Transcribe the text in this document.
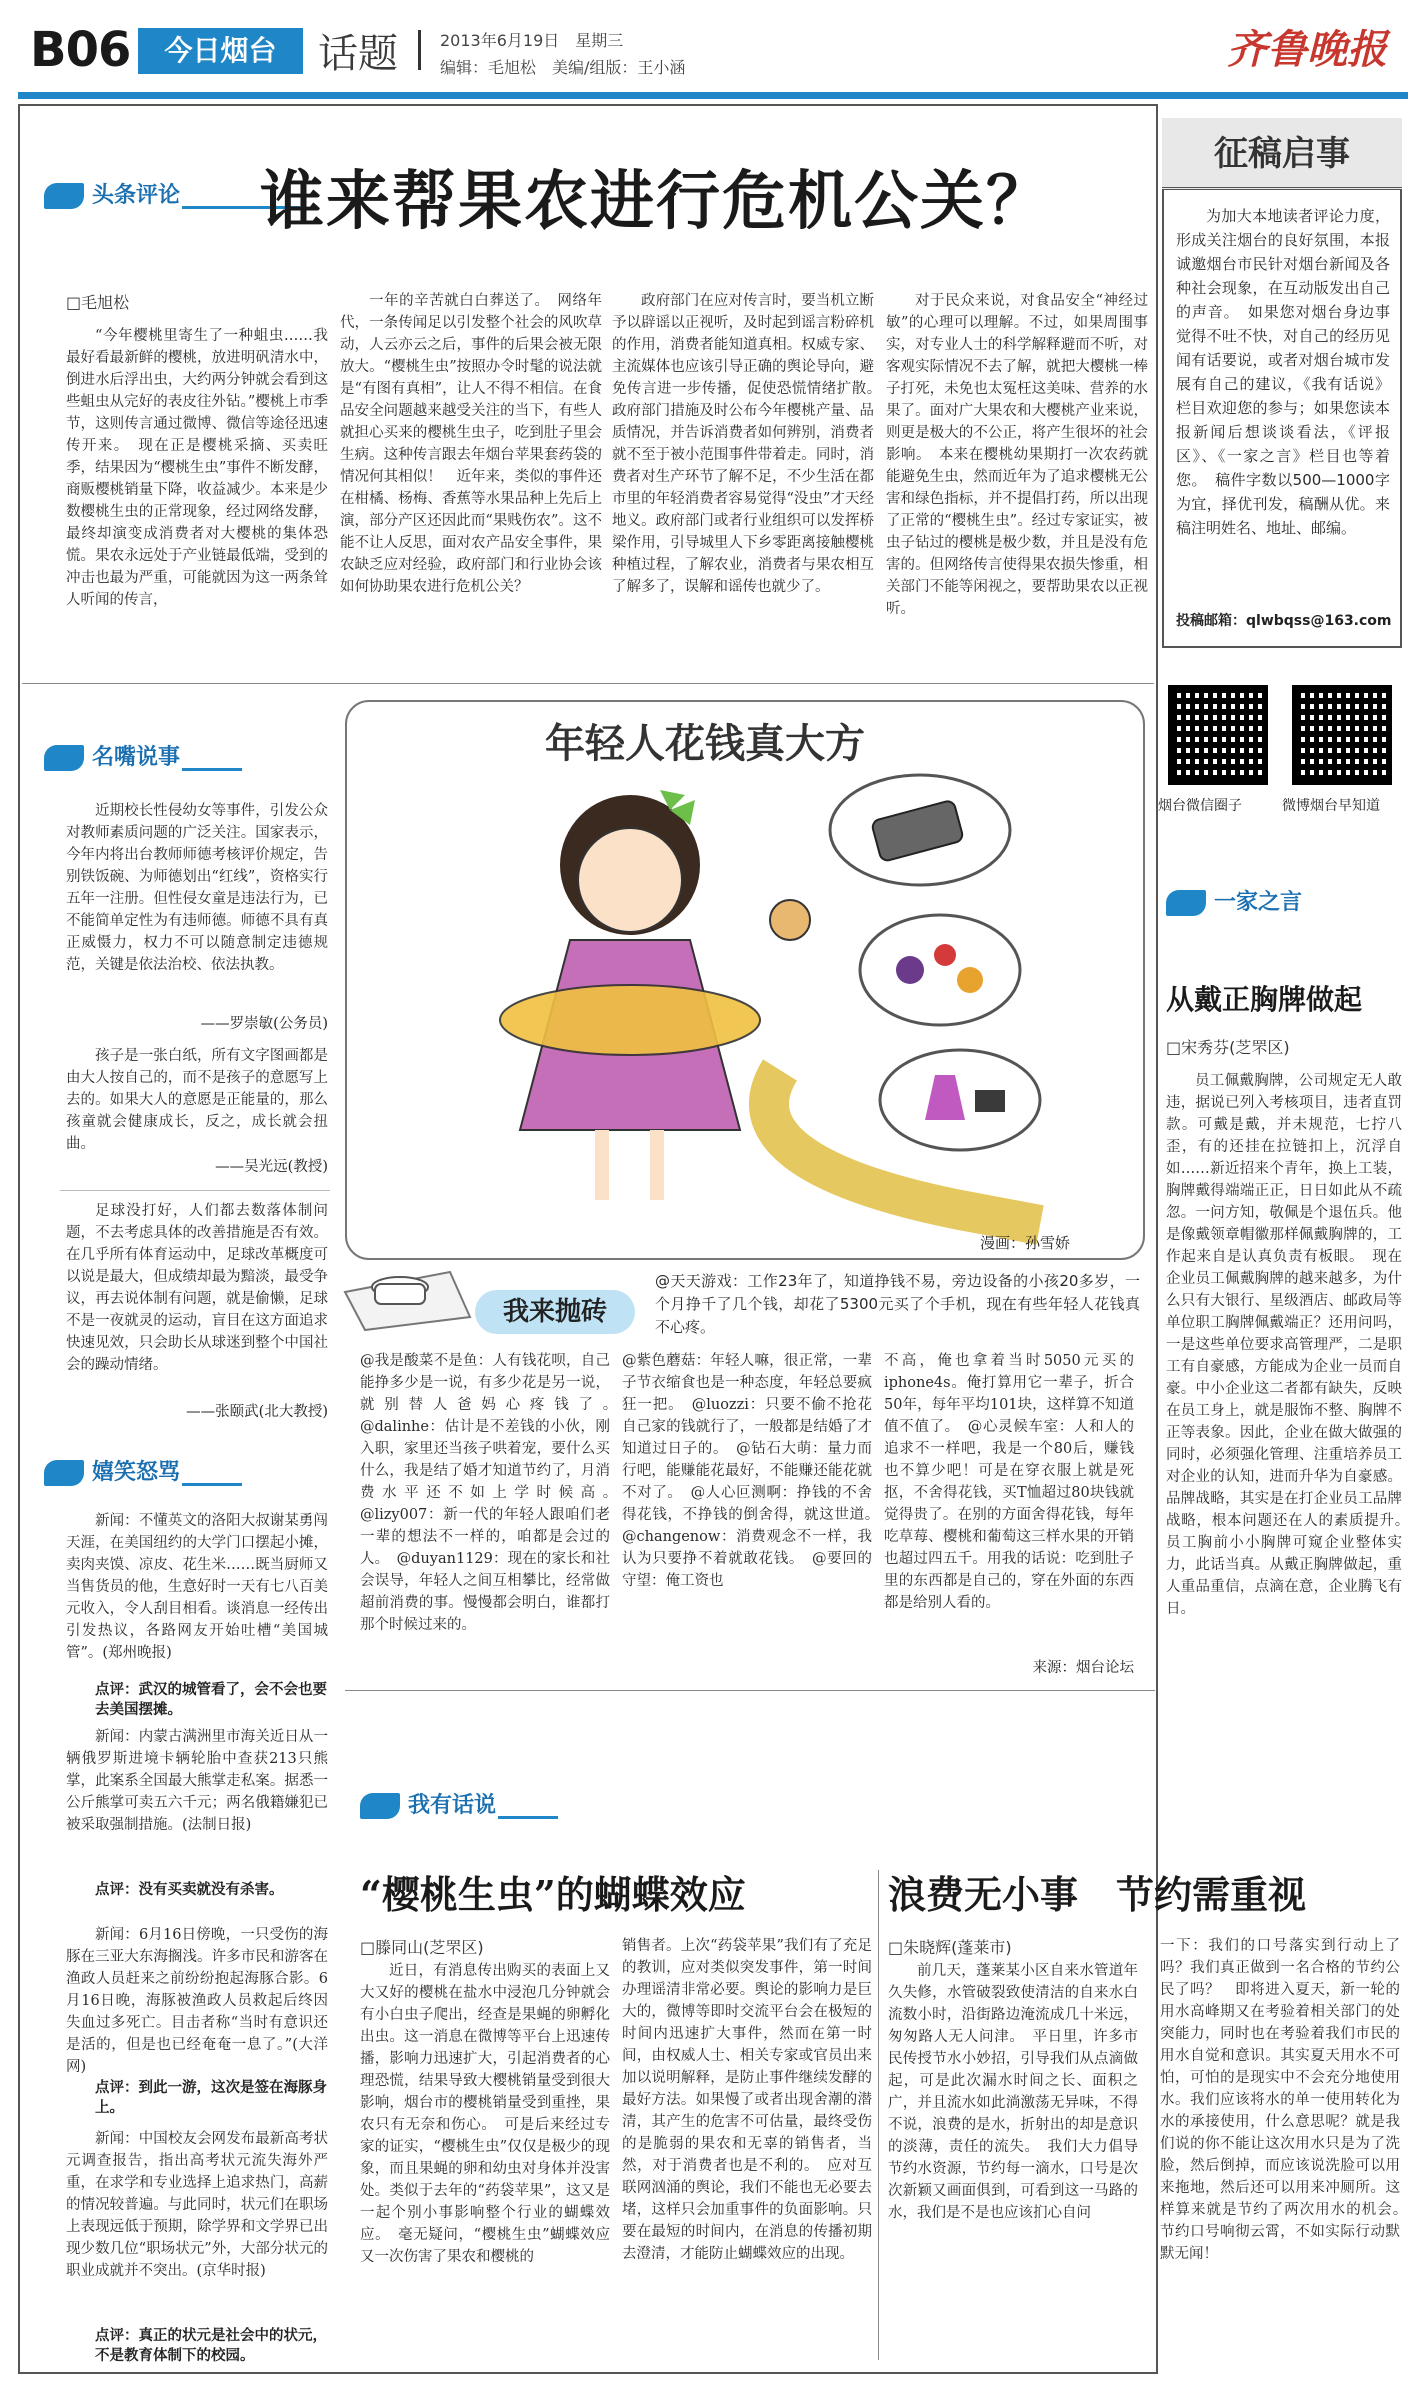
B06	今日烟台	话题	2013年6月19日　星期三
编辑：毛旭松　美编/组版：王小涵	齐鲁晚报
头条评论	谁来帮果农进行危机公关？
□毛旭松

“今年樱桃里寄生了一种蛆虫……我最好看最新鲜的樱桃，放进明矾清水中，倒进水后浮出虫，大约两分钟就会看到这些蛆虫从完好的表皮往外钻。”樱桃上市季节，这则传言通过微博、微信等途径迅速传开来。　现在正是樱桃采摘、买卖旺季，结果因为“樱桃生虫”事件不断发酵，商贩樱桃销量下降，收益减少。本来是少数樱桃生虫的正常现象，经过网络发酵，最终却演变成消费者对大樱桃的集体恐慌。果农永远处于产业链最低端，受到的冲击也最为严重，可能就因为这一两条耸人听闻的传言，

一年的辛苦就白白葬送了。　网络年代，一条传闻足以引发整个社会的风吹草动，人云亦云之后，事件的后果会被无限放大。“樱桃生虫”按照办令时髦的说法就是“有图有真相”，让人不得不相信。在食品安全问题越来越受关注的当下，有些人就担心买来的樱桃生虫子，吃到肚子里会生病。这种传言跟去年烟台苹果套药袋的情况何其相似！　近年来，类似的事件还在柑橘、杨梅、香蕉等水果品种上先后上演，部分产区还因此而“果贱伤农”。这不能不让人反思，面对农产品安全事件，果农缺乏应对经验，政府部门和行业协会该如何协助果农进行危机公关？

政府部门在应对传言时，要当机立断予以辟谣以正视听，及时起到谣言粉碎机的作用，消费者能知道真相。权威专家、主流媒体也应该引导正确的舆论导向，避免传言进一步传播，促使恐慌情绪扩散。　政府部门措施及时公布今年樱桃产量、品质情况，并告诉消费者如何辨别，消费者就不至于被小范围事件带着走。同时，消费者对生产环节了解不足，不少生活在都市里的年轻消费者容易觉得“没虫”才天经地义。政府部门或者行业组织可以发挥桥梁作用，引导城里人下乡零距离接触樱桃种植过程，了解农业，消费者与果农相互了解多了，误解和谣传也就少了。

对于民众来说，对食品安全“神经过敏”的心理可以理解。不过，如果周围事实，对专业人士的科学解释避而不听，对客观实际情况不去了解，就把大樱桃一棒子打死，未免也太冤枉这美味、营养的水果了。面对广大果农和大樱桃产业来说，则更是极大的不公正，将产生很坏的社会影响。　本来在樱桃幼果期打一次农药就能避免生虫，然而近年为了追求樱桃无公害和绿色指标，并不提倡打药，所以出现了正常的“樱桃生虫”。经过专家证实，被虫子钻过的樱桃是极少数，并且是没有危害的。但网络传言使得果农损失惨重，相关部门不能等闲视之，要帮助果农以正视听。

征稿启事

为加大本地读者评论力度，形成关注烟台的良好氛围，本报诚邀烟台市民针对烟台新闻及各种社会现象，在互动版发出自己的声音。　如果您对烟台身边事觉得不吐不快，对自己的经历见闻有话要说，或者对烟台城市发展有自己的建议，《我有话说》栏目欢迎您的参与；如果您读本报新闻后想谈谈看法，《评报区》、《一家之言》栏目也等着您。　稿件字数以500—1000字为宜，择优刊发，稿酬从优。来稿注明姓名、地址、邮编。

投稿邮箱：qlwbqss@163.com
烟台微信圈子	微博烟台早知道
名嘴说事

近期校长性侵幼女等事件，引发公众对教师素质问题的广泛关注。国家表示，今年内将出台教师师德考核评价规定，告别铁饭碗、为师德划出“红线”，资格实行五年一注册。但性侵女童是违法行为，已不能简单定性为有违师德。师德不具有真正威慑力，权力不可以随意制定违德规范，关键是依法治校、依法执教。

——罗崇敏(公务员)

孩子是一张白纸，所有文字图画都是由大人按自己的，而不是孩子的意愿写上去的。如果大人的意愿是正能量的，那么孩童就会健康成长，反之，成长就会扭曲。

——吴光远(教授)

足球没打好，人们都去数落体制问题，不去考虑具体的改善措施是否有效。在几乎所有体育运动中，足球改革概度可以说是最大，但成绩却最为黯淡，最受争议，再去说体制有问题，就是偷懒，足球不是一夜就灵的运动，盲目在这方面追求快速见效，只会助长从球迷到整个中国社会的躁动情绪。

——张颐武(北大教授)
嬉笑怒骂

新闻：不懂英文的洛阳大叔谢某勇闯天涯，在美国纽约的大学门口摆起小摊，卖肉夹馍、凉皮、花生米……既当厨师又当售货员的他，生意好时一天有七八百美元收入，令人刮目相看。谈消息一经传出引发热议，各路网友开始吐槽“美国城管”。(郑州晚报)

点评：武汉的城管看了，会不会也要去美国摆摊。

新闻：内蒙古满洲里市海关近日从一辆俄罗斯进境卡辆轮胎中查获213只熊掌，此案系全国最大熊掌走私案。据悉一公斤熊掌可卖五六千元；两名俄籍嫌犯已被采取强制措施。(法制日报)

点评：没有买卖就没有杀害。

新闻：6月16日傍晚，一只受伤的海豚在三亚大东海搁浅。许多市民和游客在渔政人员赶来之前纷纷抱起海豚合影。6月16日晚，海豚被渔政人员救起后终因失血过多死亡。目击者称“当时有意识还是活的，但是也已经奄奄一息了。”(大洋网)

点评：到此一游，这次是签在海豚身上。

新闻：中国校友会网发布最新高考状元调查报告，指出高考状元流失海外严重，在求学和专业选择上追求热门，高薪的情况较普遍。与此同时，状元们在职场上表现远低于预期，除学界和文学界已出现少数几位“职场状元”外，大部分状元的职业成就并不突出。(京华时报)

点评：真正的状元是社会中的状元，不是教育体制下的校园。
年轻人花钱真大方
漫画：孙雪娇
我来抛砖

@天天游戏：工作23年了，知道挣钱不易，旁边设备的小孩20多岁，一个月挣千了几个钱，却花了5300元买了个手机，现在有些年轻人花钱真不心疼。

@我是酸菜不是鱼：人有钱花呗，自己能挣多少是一说，有多少花是另一说，就别替人爸妈心疼钱了。　@dalinhe：估计是不差钱的小伙，刚入职，家里还当孩子哄着宠，要什么买什么，我是结了婚才知道节约了，月消费水平还不如上学时候高。　@lizy007：新一代的年轻人跟咱们老一辈的想法不一样的，咱都是会过的人。　@duyan1129：现在的家长和社会误导，年轻人之间互相攀比，经常做超前消费的事。慢慢都会明白，谁都打那个时候过来的。

@紫色蘑菇：年轻人嘛，很正常，一辈子节衣缩食也是一种态度，年轻总要疯狂一把。　@luozzi：只要不偷不抢花自己家的钱就行了，一般都是结婚了才知道过日子的。　@钻石大萌：量力而行吧，能赚能花最好，不能赚还能花就不对了。　@人心叵测啊：挣钱的不舍得花钱，不挣钱的倒舍得，就这世道。　@changenow：消费观念不一样，我认为只要挣不着就敢花钱。　@要回的守望：俺工资也

不高，俺也拿着当时5050元买的iphone4s。俺打算用它一辈子，折合50年，每年平均101块，这样算不知道值不值了。　@心灵候车室：人和人的追求不一样吧，我是一个80后，赚钱也不算少吧！可是在穿衣服上就是死抠，不舍得花钱，买T恤超过80块钱就觉得贵了。在别的方面舍得花钱，每年吃草莓、樱桃和葡萄这三样水果的开销也超过四五千。用我的话说：吃到肚子里的东西都是自己的，穿在外面的东西都是给别人看的。

来源：烟台论坛
一家之言
从戴正胸牌做起
□宋秀芬(芝罘区)

员工佩戴胸牌，公司规定无人敢违，据说已列入考核项目，违者直罚款。可戴是戴，并未规范，七拧八歪，有的还挂在拉链扣上，沉浮自如……新近招来个青年，换上工装，胸牌戴得端端正正，日日如此从不疏忽。一问方知，敬佩是个退伍兵。他是像戴领章帽徽那样佩戴胸牌的，工作起来自是认真负责有板眼。　现在企业员工佩戴胸牌的越来越多，为什么只有大银行、星级酒店、邮政局等单位职工胸牌佩戴端正？还用问吗，一是这些单位要求高管理严，二是职工有自豪感，方能成为企业一员而自豪。中小企业这二者都有缺失，反映在员工身上，就是服饰不整、胸牌不正等表象。因此，企业在做大做强的同时，必须强化管理、注重培养员工对企业的认知，进而升华为自豪感。品牌战略，其实是在打企业员工品牌战略，根本问题还在人的素质提升。　员工胸前小小胸牌可窥企业整体实力，此话当真。从戴正胸牌做起，重人重品重信，点滴在意，企业腾飞有日。

我有话说
“樱桃生虫”的蝴蝶效应
□滕同山(芝罘区)

近日，有消息传出购买的表面上又大又好的樱桃在盐水中浸泡几分钟就会有小白虫子爬出，经查是果蝇的卵孵化出虫。这一消息在微博等平台上迅速传播，影响力迅速扩大，引起消费者的心理恐慌，结果导致大樱桃销量受到很大影响，烟台市的樱桃销量受到重挫，果农只有无奈和伤心。　可是后来经过专家的证实，“樱桃生虫”仅仅是极少的现象，而且果蝇的卵和幼虫对身体并没害处。类似于去年的“药袋苹果”，这又是一起个别小事影响整个行业的蝴蝶效应。　毫无疑问，“樱桃生虫”蝴蝶效应又一次伤害了果农和樱桃的

销售者。上次“药袋苹果”我们有了充足的教训，应对类似突发事件，第一时间办理谣清非常必要。舆论的影响力是巨大的，微博等即时交流平台会在极短的时间内迅速扩大事件，然而在第一时间，由权威人士、相关专家或官员出来加以说明解释，是防止事件继续发酵的最好方法。如果慢了或者出现舍潮的潜清，其产生的危害不可估量，最终受伤的是脆弱的果农和无辜的销售者，当然，对于消费者也是不利的。　应对互联网汹涌的舆论，我们不能也无必要去堵，这样只会加重事件的负面影响。只要在最短的时间内，在消息的传播初期去澄清，才能防止蝴蝶效应的出现。

浪费无小事　节约需重视
□朱晓辉(蓬莱市)

前几天，蓬莱某小区自来水管道年久失修，水管破裂致使清洁的自来水白流数小时，沿街路边淹流成几十米远，匆匆路人无人问津。　平日里，许多市民传授节水小妙招，引导我们从点滴做起，可是此次漏水时间之长、面积之广，并且流水如此淌激荡无异味，不得不说，浪费的是水，折射出的却是意识的淡薄，责任的流失。　我们大力倡导节约水资源，节约每一滴水，口号是次次新颖又画面俱到，可看到这一马路的水，我们是不是也应该扪心自问

一下：我们的口号落实到行动上了吗？我们真正做到一名合格的节约公民了吗？　即将进入夏天，新一轮的用水高峰期又在考验着相关部门的处突能力，同时也在考验着我们市民的用水自觉和意识。其实夏天用水不可怕，可怕的是现实中不会充分地使用水。我们应该将水的单一使用转化为水的承接使用，什么意思呢？就是我们说的你不能让这次用水只是为了洗脸，然后倒掉，而应该说洗脸可以用来拖地，然后还可以用来冲厕所。这样算来就是节约了两次用水的机会。　节约口号响彻云霄，不如实际行动默默无闻！
